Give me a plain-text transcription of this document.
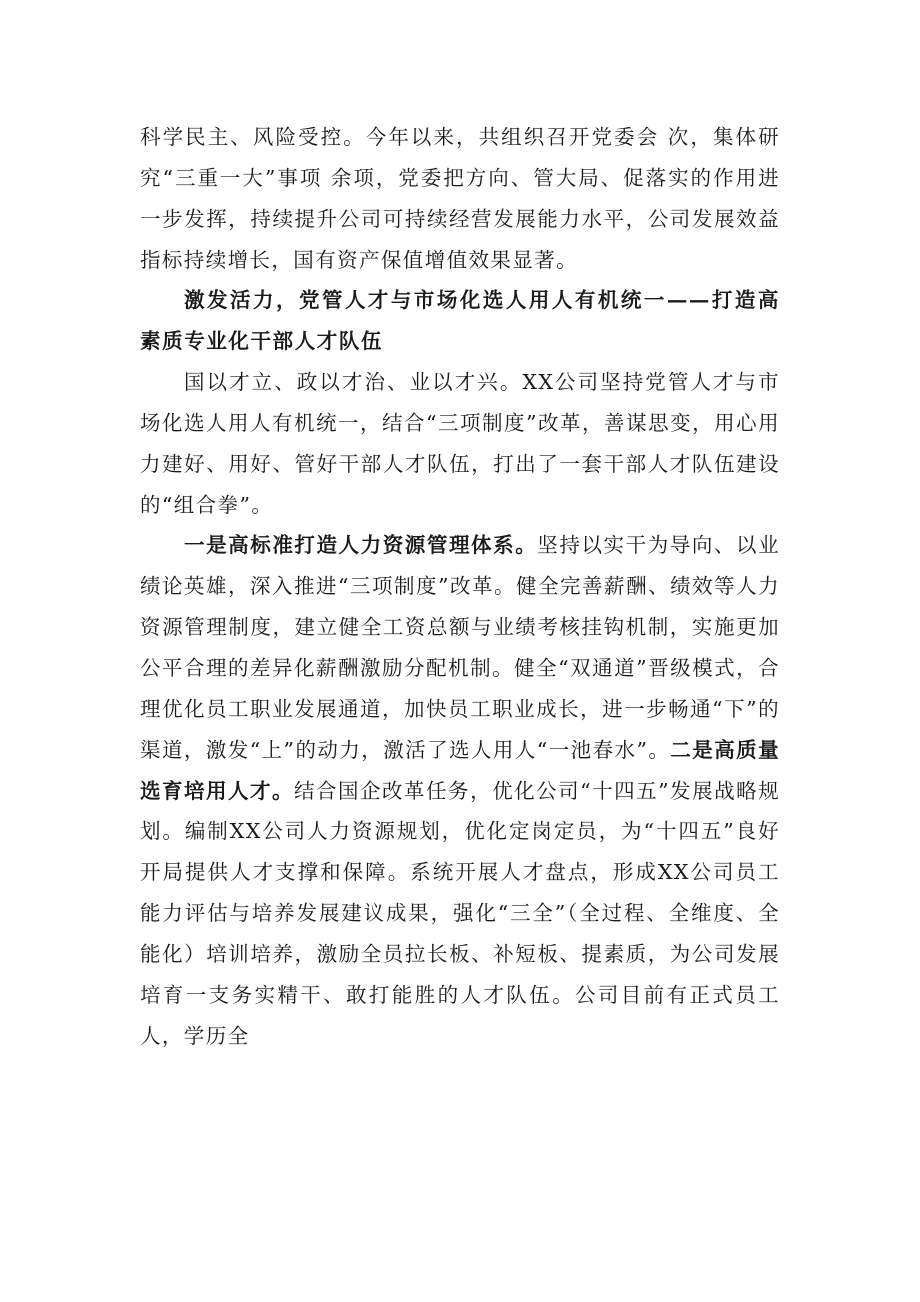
科学民主、风险受控。今年以来，共组织召开党委会 次，集体研究“三重一大”事项 余项，党委把方向、管大局、促落实的作用进一步发挥，持续提升公司可持续经营发展能力水平，公司发展效益指标持续增长，国有资产保值增值效果显著。

激发活力，党管人才与市场化选人用人有机统一——打造高素质专业化干部人才队伍

国以才立、政以才治、业以才兴。XX公司坚持党管人才与市场化选人用人有机统一，结合“三项制度”改革，善谋思变，用心用力建好、用好、管好干部人才队伍，打出了一套干部人才队伍建设的“组合拳”。

一是高标准打造人力资源管理体系。坚持以实干为导向、以业绩论英雄，深入推进“三项制度”改革。健全完善薪酬、绩效等人力资源管理制度，建立健全工资总额与业绩考核挂钩机制，实施更加公平合理的差异化薪酬激励分配机制。健全“双通道”晋级模式，合理优化员工职业发展通道，加快员工职业成长，进一步畅通“下”的渠道，激发“上”的动力，激活了选人用人“一池春水”。二是高质量选育培用人才。结合国企改革任务，优化公司“十四五”发展战略规划。编制XX公司人力资源规划，优化定岗定员，为“十四五”良好开局提供人才支撑和保障。系统开展人才盘点，形成XX公司员工能力评估与培养发展建议成果，强化“三全”（全过程、全维度、全能化）培训培养，激励全员拉长板、补短板、提素质，为公司发展培育一支务实精干、敢打能胜的人才队伍。公司目前有正式员工 人，学历全
